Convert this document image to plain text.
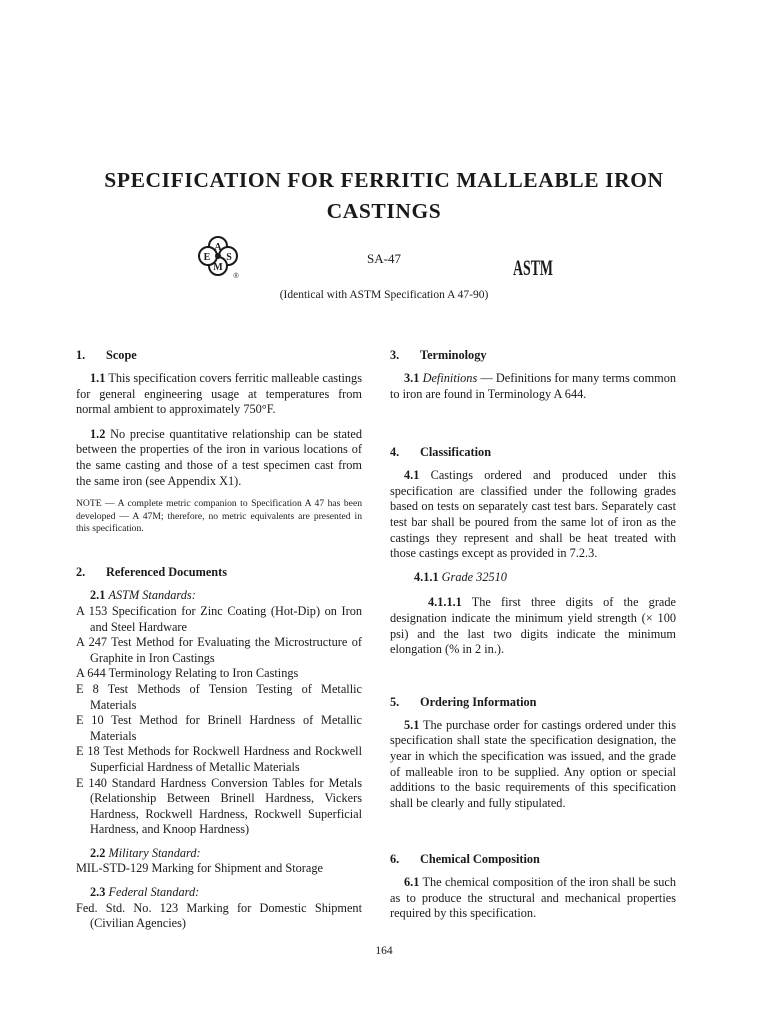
SPECIFICATION FOR FERRITIC MALLEABLE IRON
CASTINGS
A
S
M
E
®
SA-47	ASTM
(Identical with ASTM Specification A 47-90)
1.	Scope

1.1 This specification covers ferritic malleable castings for general engineering usage at temperatures from normal ambient to approximately 750°F.

1.2 No precise quantitative relationship can be stated between the properties of the iron in various locations of the same casting and those of a test specimen cast from the same iron (see Appendix X1).

NOTE — A complete metric companion to Specification A 47 has been developed — A 47M; therefore, no metric equivalents are presented in this specification.

2.	Referenced Documents

2.1 ASTM Standards:

A 153 Specification for Zinc Coating (Hot-Dip) on Iron and Steel Hardware

A 247 Test Method for Evaluating the Microstructure of Graphite in Iron Castings

A 644 Terminology Relating to Iron Castings

E 8 Test Methods of Tension Testing of Metallic Materials

E 10 Test Method for Brinell Hardness of Metallic Materials

E 18 Test Methods for Rockwell Hardness and Rockwell Superficial Hardness of Metallic Materials

E 140 Standard Hardness Conversion Tables for Metals (Relationship Between Brinell Hardness, Vickers Hardness, Rockwell Hardness, Rockwell Superficial Hardness, and Knoop Hardness)

2.2 Military Standard:

MIL-STD-129 Marking for Shipment and Storage

2.3 Federal Standard:

Fed. Std. No. 123 Marking for Domestic Shipment (Civilian Agencies)

3.	Terminology

3.1 Definitions — Definitions for many terms common to iron are found in Terminology A 644.

4.	Classification

4.1 Castings ordered and produced under this specification are classified under the following grades based on tests on separately cast test bars. Separately cast test bar shall be poured from the same lot of iron as the castings they represent and shall be heat treated with those castings except as provided in 7.2.3.

4.1.1 Grade 32510

4.1.1.1 The first three digits of the grade designation indicate the minimum yield strength (× 100 psi) and the last two digits indicate the minimum elongation (% in 2 in.).

5.	Ordering Information

5.1 The purchase order for castings ordered under this specification shall state the specification designation, the year in which the specification was issued, and the grade of malleable iron to be supplied. Any option or special additions to the basic requirements of this specification shall be clearly and fully stipulated.

6.	Chemical Composition

6.1 The chemical composition of the iron shall be such as to produce the structural and mechanical properties required by this specification.

164
